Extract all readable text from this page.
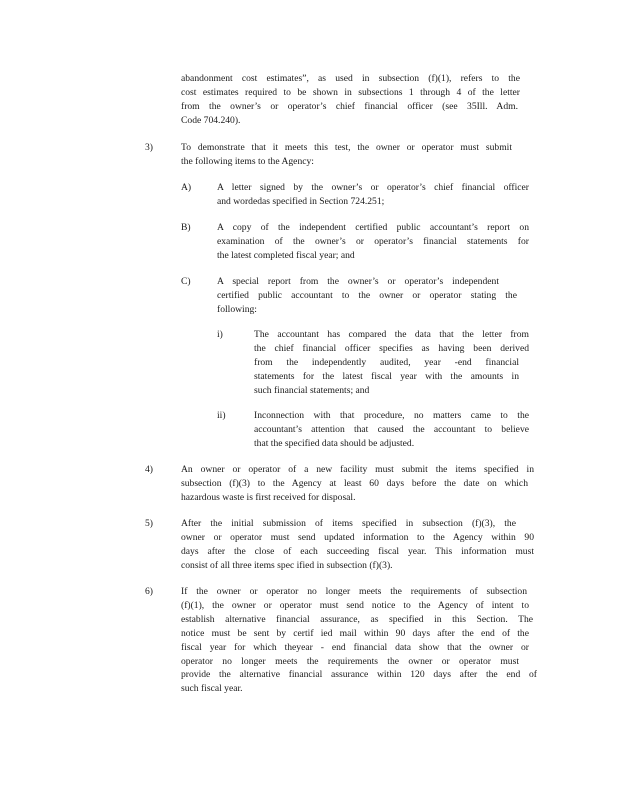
abandonment cost estimates”, as used in subsection (f)(1), refers to the

cost estimates required to be shown in subsections 1 through 4 of the letter

from the owner’s or operator’s chief financial officer (see 35Ill. Adm.

Code 704.240).

3)	To demonstrate that it meets this test, the owner or operator must submit

the following items to the Agency:

A)	A letter signed by the owner’s or operator’s chief financial officer

and wordedas specified in Section 724.251;

B)	A copy of the independent certified public accountant’s report on

examination of the owner’s or operator’s financial statements for

the latest completed fiscal year; and

C)	A special report from the owner’s or operator’s independent

certified public accountant to the owner or operator stating the

following:

i)	The accountant has compared the data that the letter from

the chief financial officer specifies as having been derived

from the independently audited, year -end financial

statements for the latest fiscal year with the amounts in

such financial statements; and

ii)	Inconnection with that procedure, no matters came to the

accountant’s attention that caused the accountant to believe

that the specified data should be adjusted.

4)	An owner or operator of a new facility must submit the items specified in

subsection (f)(3) to the Agency at least 60 days before the date on which

hazardous waste is first received for disposal.

5)	After the initial submission of items specified in subsection (f)(3), the

owner or operator must send updated information to the Agency within 90

days after the close of each succeeding fiscal year. This information must

consist of all three items spec ified in subsection (f)(3).

6)	If the owner or operator no longer meets the requirements of subsection

(f)(1), the owner or operator must send notice to the Agency of intent to

establish alternative financial assurance, as specified in this Section. The

notice must be sent by certif ied mail within 90 days after the end of the

fiscal year for which theyear - end financial data show that the owner or

operator no longer meets the requirements the owner or operator must

provide the alternative financial assurance within 120 days after the end of

such fiscal year.
